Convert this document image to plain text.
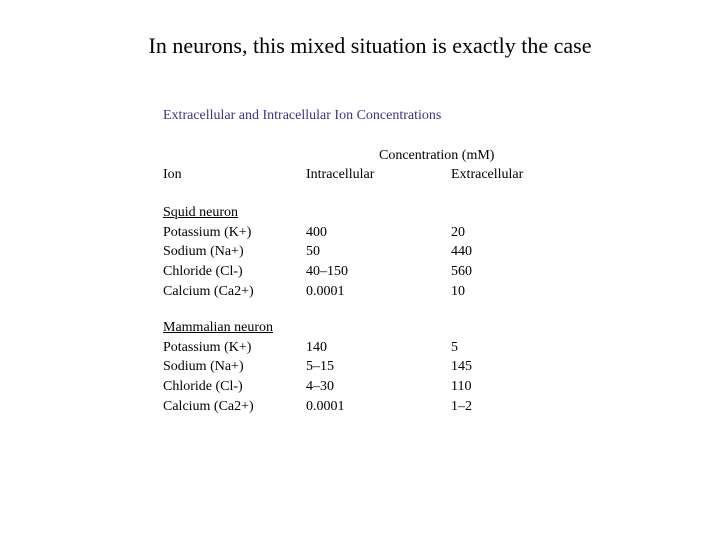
In neurons, this mixed situation is exactly the case
Extracellular and Intracellular Ion Concentrations
Concentration (mM)
Ion	Intracellular	Extracellular
Squid neuron
Potassium (K+)	400	20
Sodium (Na+)	50	440
Chloride (Cl-)	40–150	560
Calcium (Ca2+)	0.0001	10
Mammalian neuron
Potassium (K+)	140	5
Sodium (Na+)	5–15	145
Chloride (Cl-)	4–30	110
Calcium (Ca2+)	0.0001	1–2
